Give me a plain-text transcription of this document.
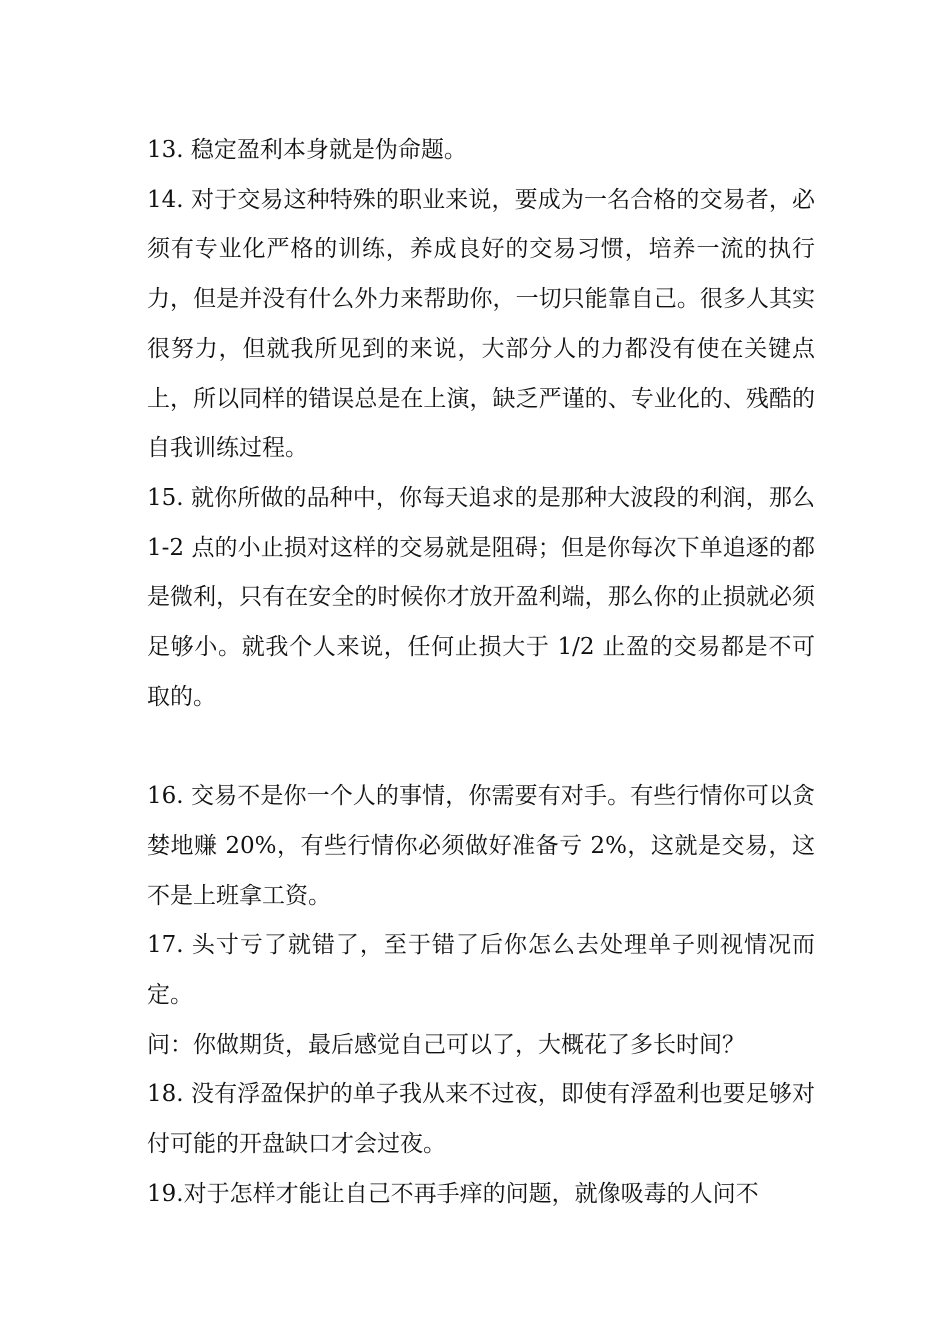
13. 稳定盈利本身就是伪命题。

14. 对于交易这种特殊的职业来说，要成为一名合格的交易者，必须有专业化严格的训练，养成良好的交易习惯，培养一流的执行力，但是并没有什么外力来帮助你，一切只能靠自己。很多人其实很努力，但就我所见到的来说，大部分人的力都没有使在关键点上，所以同样的错误总是在上演，缺乏严谨的、专业化的、残酷的自我训练过程。

15. 就你所做的品种中，你每天追求的是那种大波段的利润，那么 1-2 点的小止损对这样的交易就是阻碍；但是你每次下单追逐的都是微利，只有在安全的时候你才放开盈利端，那么你的止损就必须足够小。就我个人来说，任何止损大于 1/2 止盈的交易都是不可取的。

16. 交易不是你一个人的事情，你需要有对手。有些行情你可以贪婪地赚 20%，有些行情你必须做好准备亏 2%，这就是交易，这不是上班拿工资。

17. 头寸亏了就错了，至于错了后你怎么去处理单子则视情况而定。

问：你做期货，最后感觉自己可以了，大概花了多长时间？

18. 没有浮盈保护的单子我从来不过夜，即使有浮盈利也要足够对付可能的开盘缺口才会过夜。

19.对于怎样才能让自己不再手痒的问题，就像吸毒的人问不
